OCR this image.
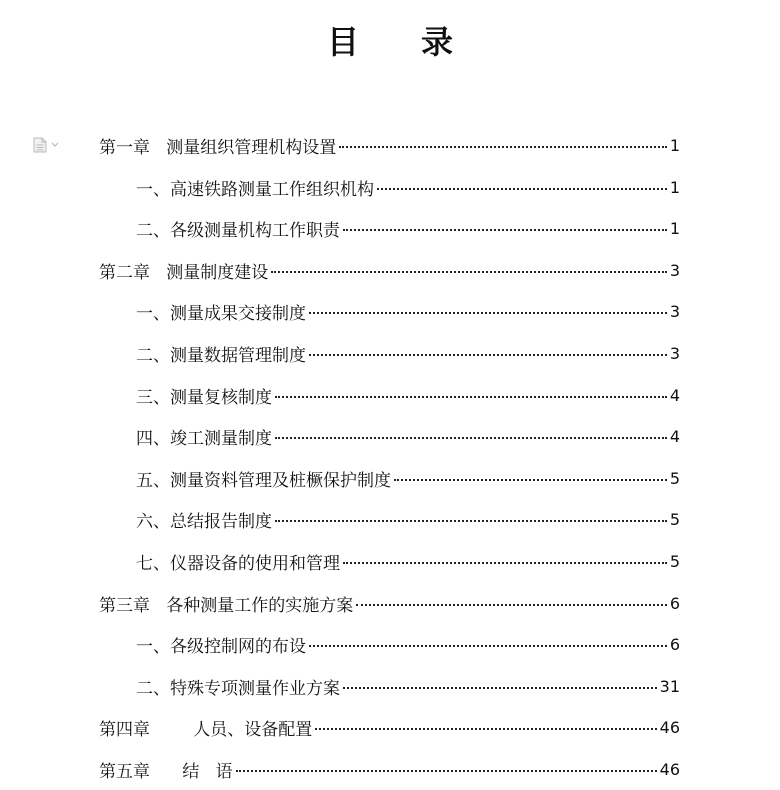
目 录
第一章   测量组织管理机构设置	1
一、高速铁路测量工作组织机构	1
二、各级测量机构工作职责	1
第二章   测量制度建设	3
一、测量成果交接制度	3
二、测量数据管理制度	3
三、测量复核制度	4
四、竣工测量制度	4
五、测量资料管理及桩橛保护制度	5
六、总结报告制度	5
七、仪器设备的使用和管理	5
第三章   各种测量工作的实施方案	6
一、各级控制网的布设	6
二、特殊专项测量作业方案	31
第四章        人员、设备配置	46
第五章      结   语	46
